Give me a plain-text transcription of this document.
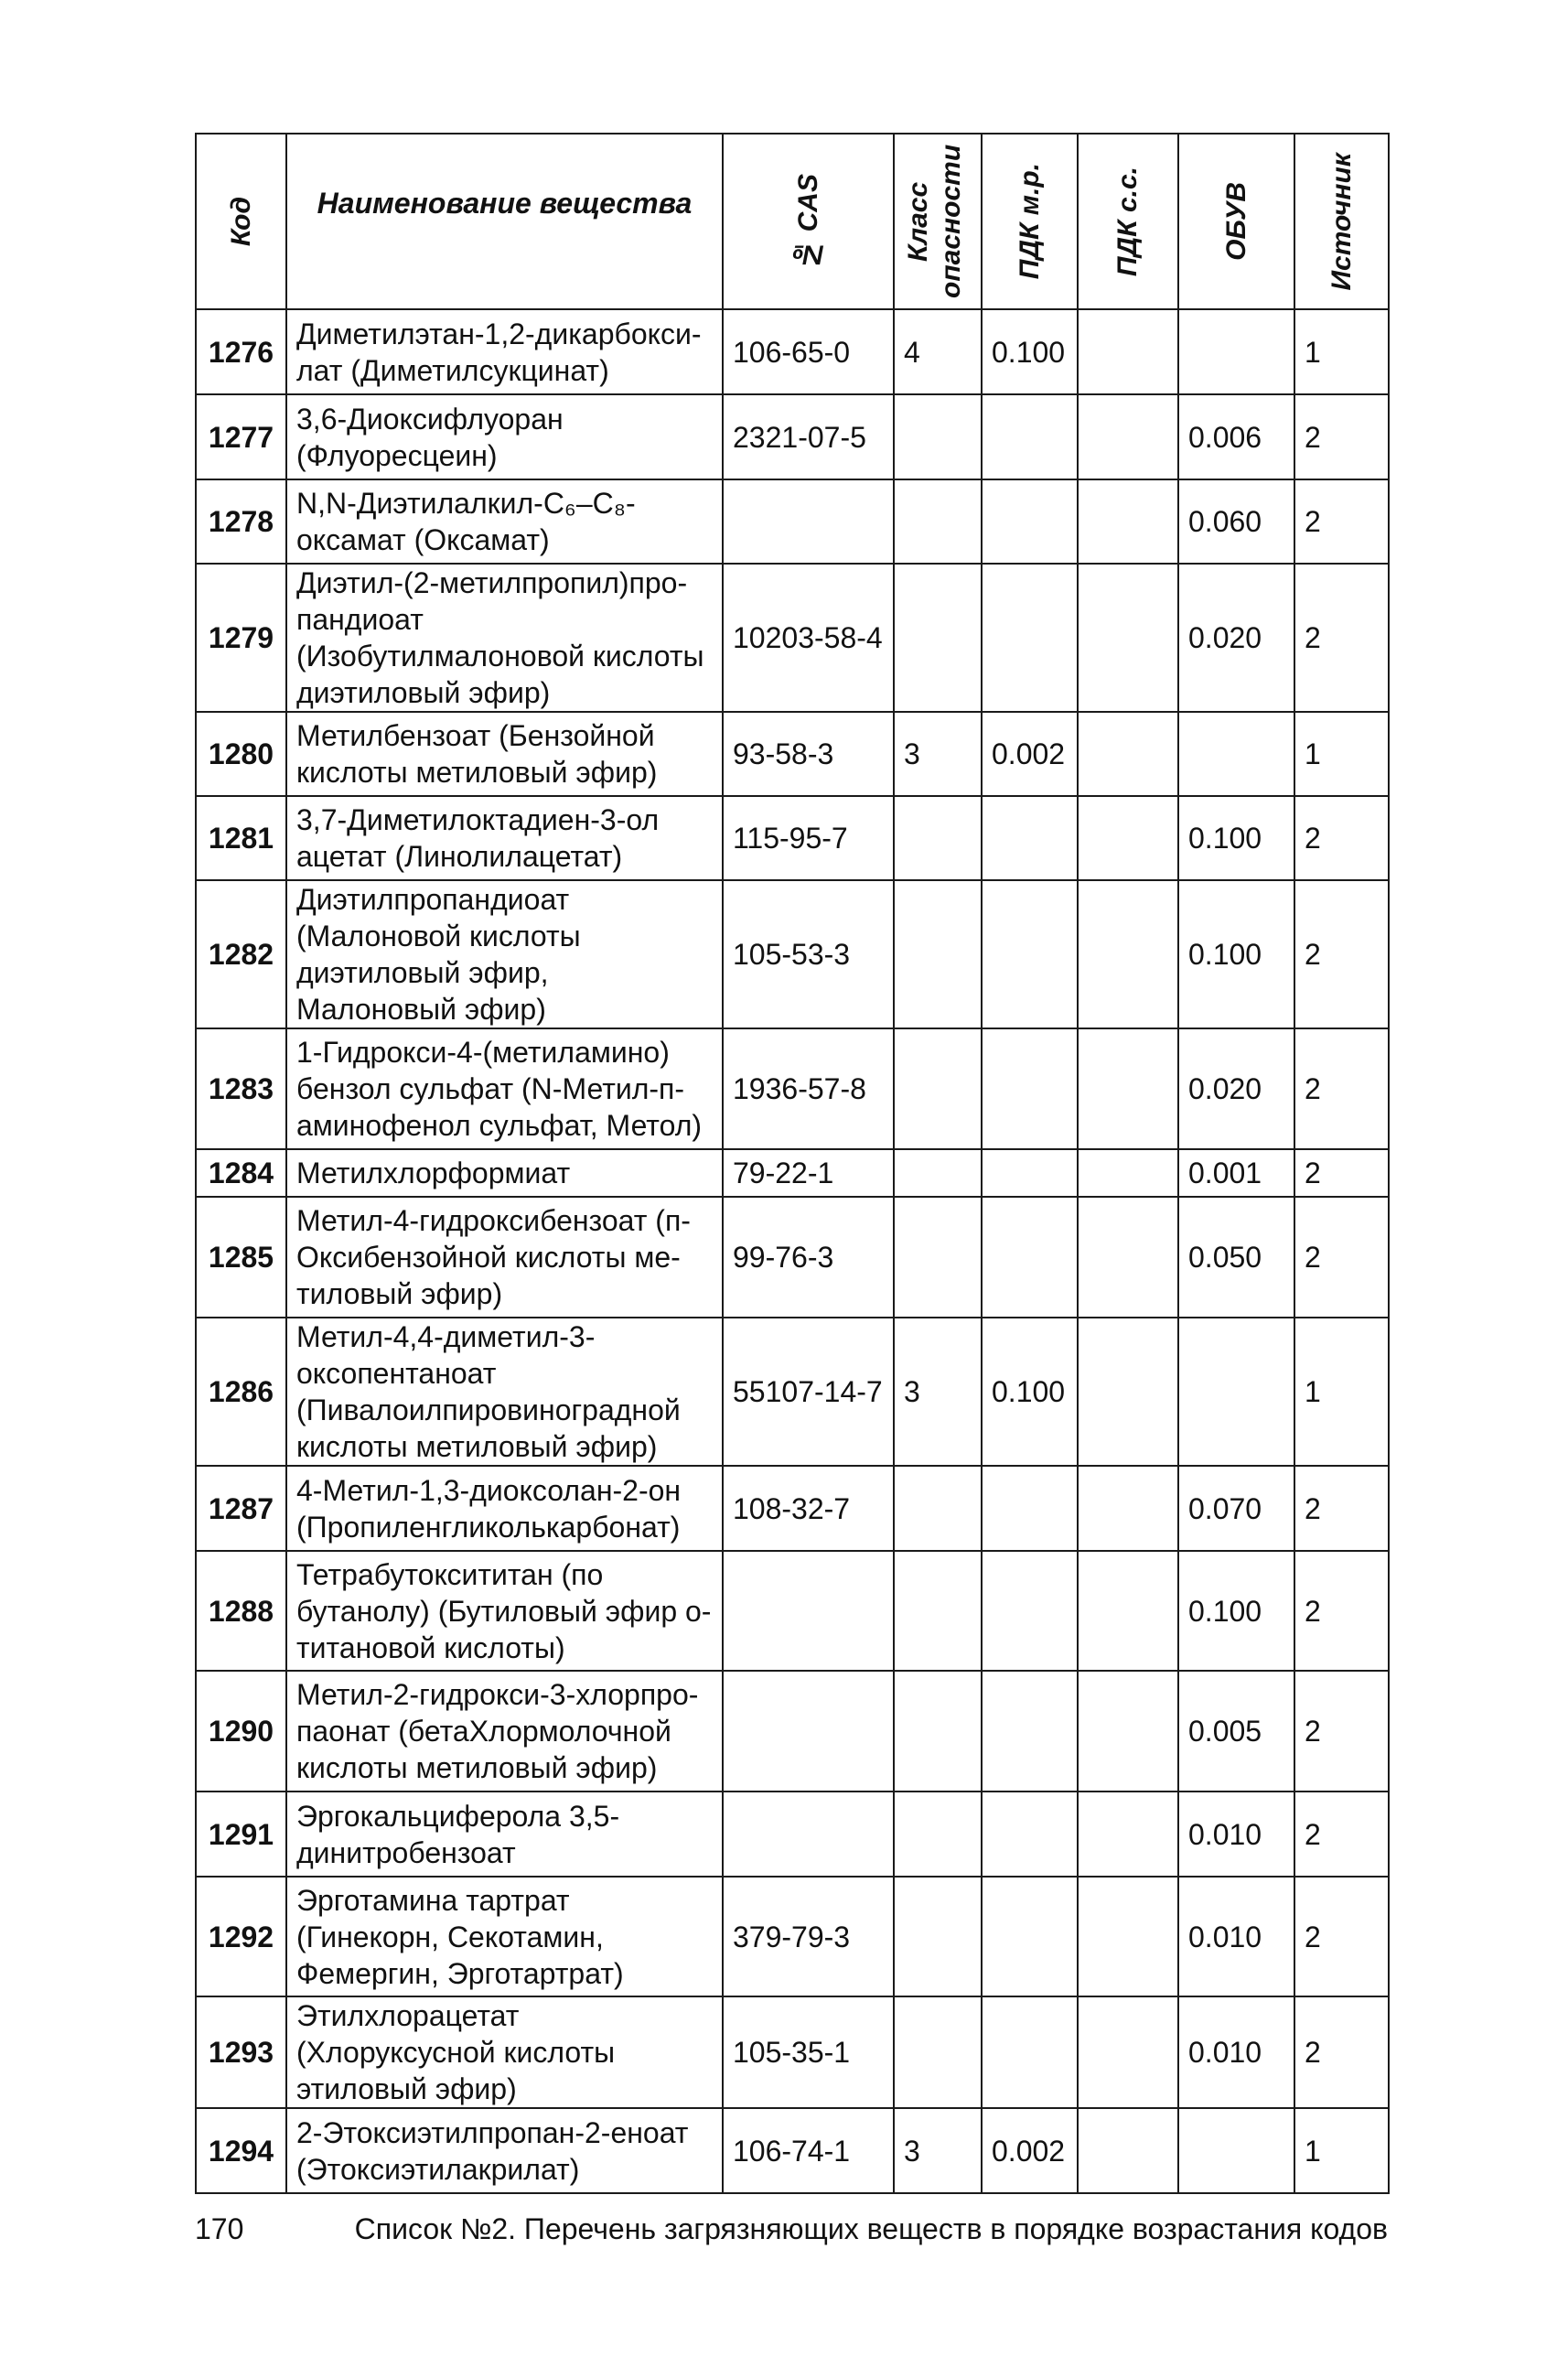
Код	Наименование вещества	№ CAS	Класс опасности	ПДК м.р.	ПДК с.с.	ОБУВ	Источник

1276	Диметилэтан-1,2-дикарбоксилат (Диметилсукцинат)	106-65-0	4	0.100			1
1277	3,6-Диоксифлуоран (Флуоресцеин)	2321-07-5				0.006	2
1278	N,N-Диэтилалкил-C₆–C₈-оксамат (Оксамат)					0.060	2
1279	Диэтил-(2-метилпропил)пропандиоат (Изобутилмалоновой кислоты диэтиловый эфир)	10203-58-4				0.020	2
1280	Метилбензоат (Бензойной кислоты метиловый эфир)	93-58-3	3	0.002			1
1281	3,7-Диметилоктадиен-3-ол ацетат (Линолилацетат)	115-95-7				0.100	2
1282	Диэтилпропандиоат (Малоновой кислоты диэтиловый эфир, Малоновый эфир)	105-53-3				0.100	2
1283	1-Гидрокси-4-(метиламино) бензол сульфат (N-Метил-п-аминофенол сульфат, Метол)	1936-57-8				0.020	2
1284	Метилхлорформиат	79-22-1				0.001	2
1285	Метил-4-гидроксибензоат (п-Оксибензойной кислоты метиловый эфир)	99-76-3				0.050	2
1286	Метил-4,4-диметил-3-оксопентаноат (Пивалоилпировиноградной кислоты метиловый эфир)	55107-14-7	3	0.100			1
1287	4-Метил-1,3-диоксолан-2-он (Пропиленгликолькарбонат)	108-32-7				0.070	2
1288	Тетрабутокcититан (по бутанолу) (Бутиловый эфир о-титановой кислоты)					0.100	2
1290	Метил-2-гидрокси-3-хлорпропаонат (бетаХлормолочной кислоты метиловый эфир)					0.005	2
1291	Эргокальциферола 3,5-динитробензоат					0.010	2
1292	Эрготамина тартрат (Гинекорн, Секотамин, Фемергин, Эрготартрат)	379-79-3				0.010	2
1293	Этилхлорацетат (Хлоруксусной кислоты этиловый эфир)	105-35-1				0.010	2
1294	2-Этоксиэтилпропан-2-еноат (Этоксиэтилакрилат)	106-74-1	3	0.002			1
170	Список №2. Перечень загрязняющих веществ в порядке возрастания кодов
